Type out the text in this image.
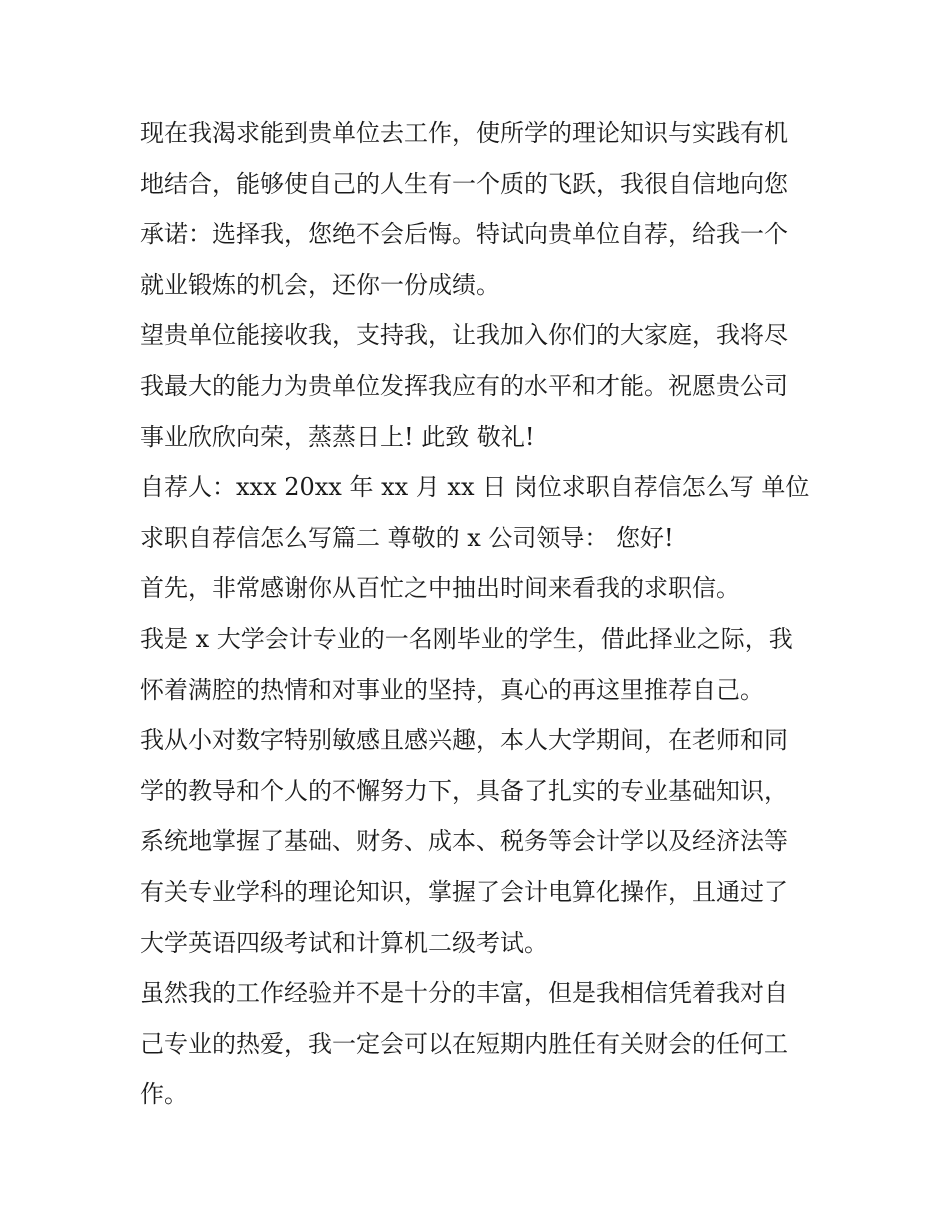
现在我渴求能到贵单位去工作，使所学的理论知识与实践有机
地结合，能够使自己的人生有一个质的飞跃，我很自信地向您
承诺：选择我，您绝不会后悔。特试向贵单位自荐，给我一个
就业锻炼的机会，还你一份成绩。
望贵单位能接收我，支持我，让我加入你们的大家庭，我将尽
我最大的能力为贵单位发挥我应有的水平和才能。祝愿贵公司
事业欣欣向荣，蒸蒸日上! 此致 敬礼!
自荐人：xxx 20xx 年 xx 月 xx 日 岗位求职自荐信怎么写 单位
求职自荐信怎么写篇二 尊敬的 x 公司领导： 您好!
首先，非常感谢你从百忙之中抽出时间来看我的求职信。
我是 x 大学会计专业的一名刚毕业的学生，借此择业之际，我
怀着满腔的热情和对事业的坚持，真心的再这里推荐自己。
我从小对数字特别敏感且感兴趣，本人大学期间，在老师和同
学的教导和个人的不懈努力下，具备了扎实的专业基础知识，
系统地掌握了基础、财务、成本、税务等会计学以及经济法等
有关专业学科的理论知识，掌握了会计电算化操作，且通过了
大学英语四级考试和计算机二级考试。
虽然我的工作经验并不是十分的丰富，但是我相信凭着我对自
己专业的热爱，我一定会可以在短期内胜任有关财会的任何工
作。
